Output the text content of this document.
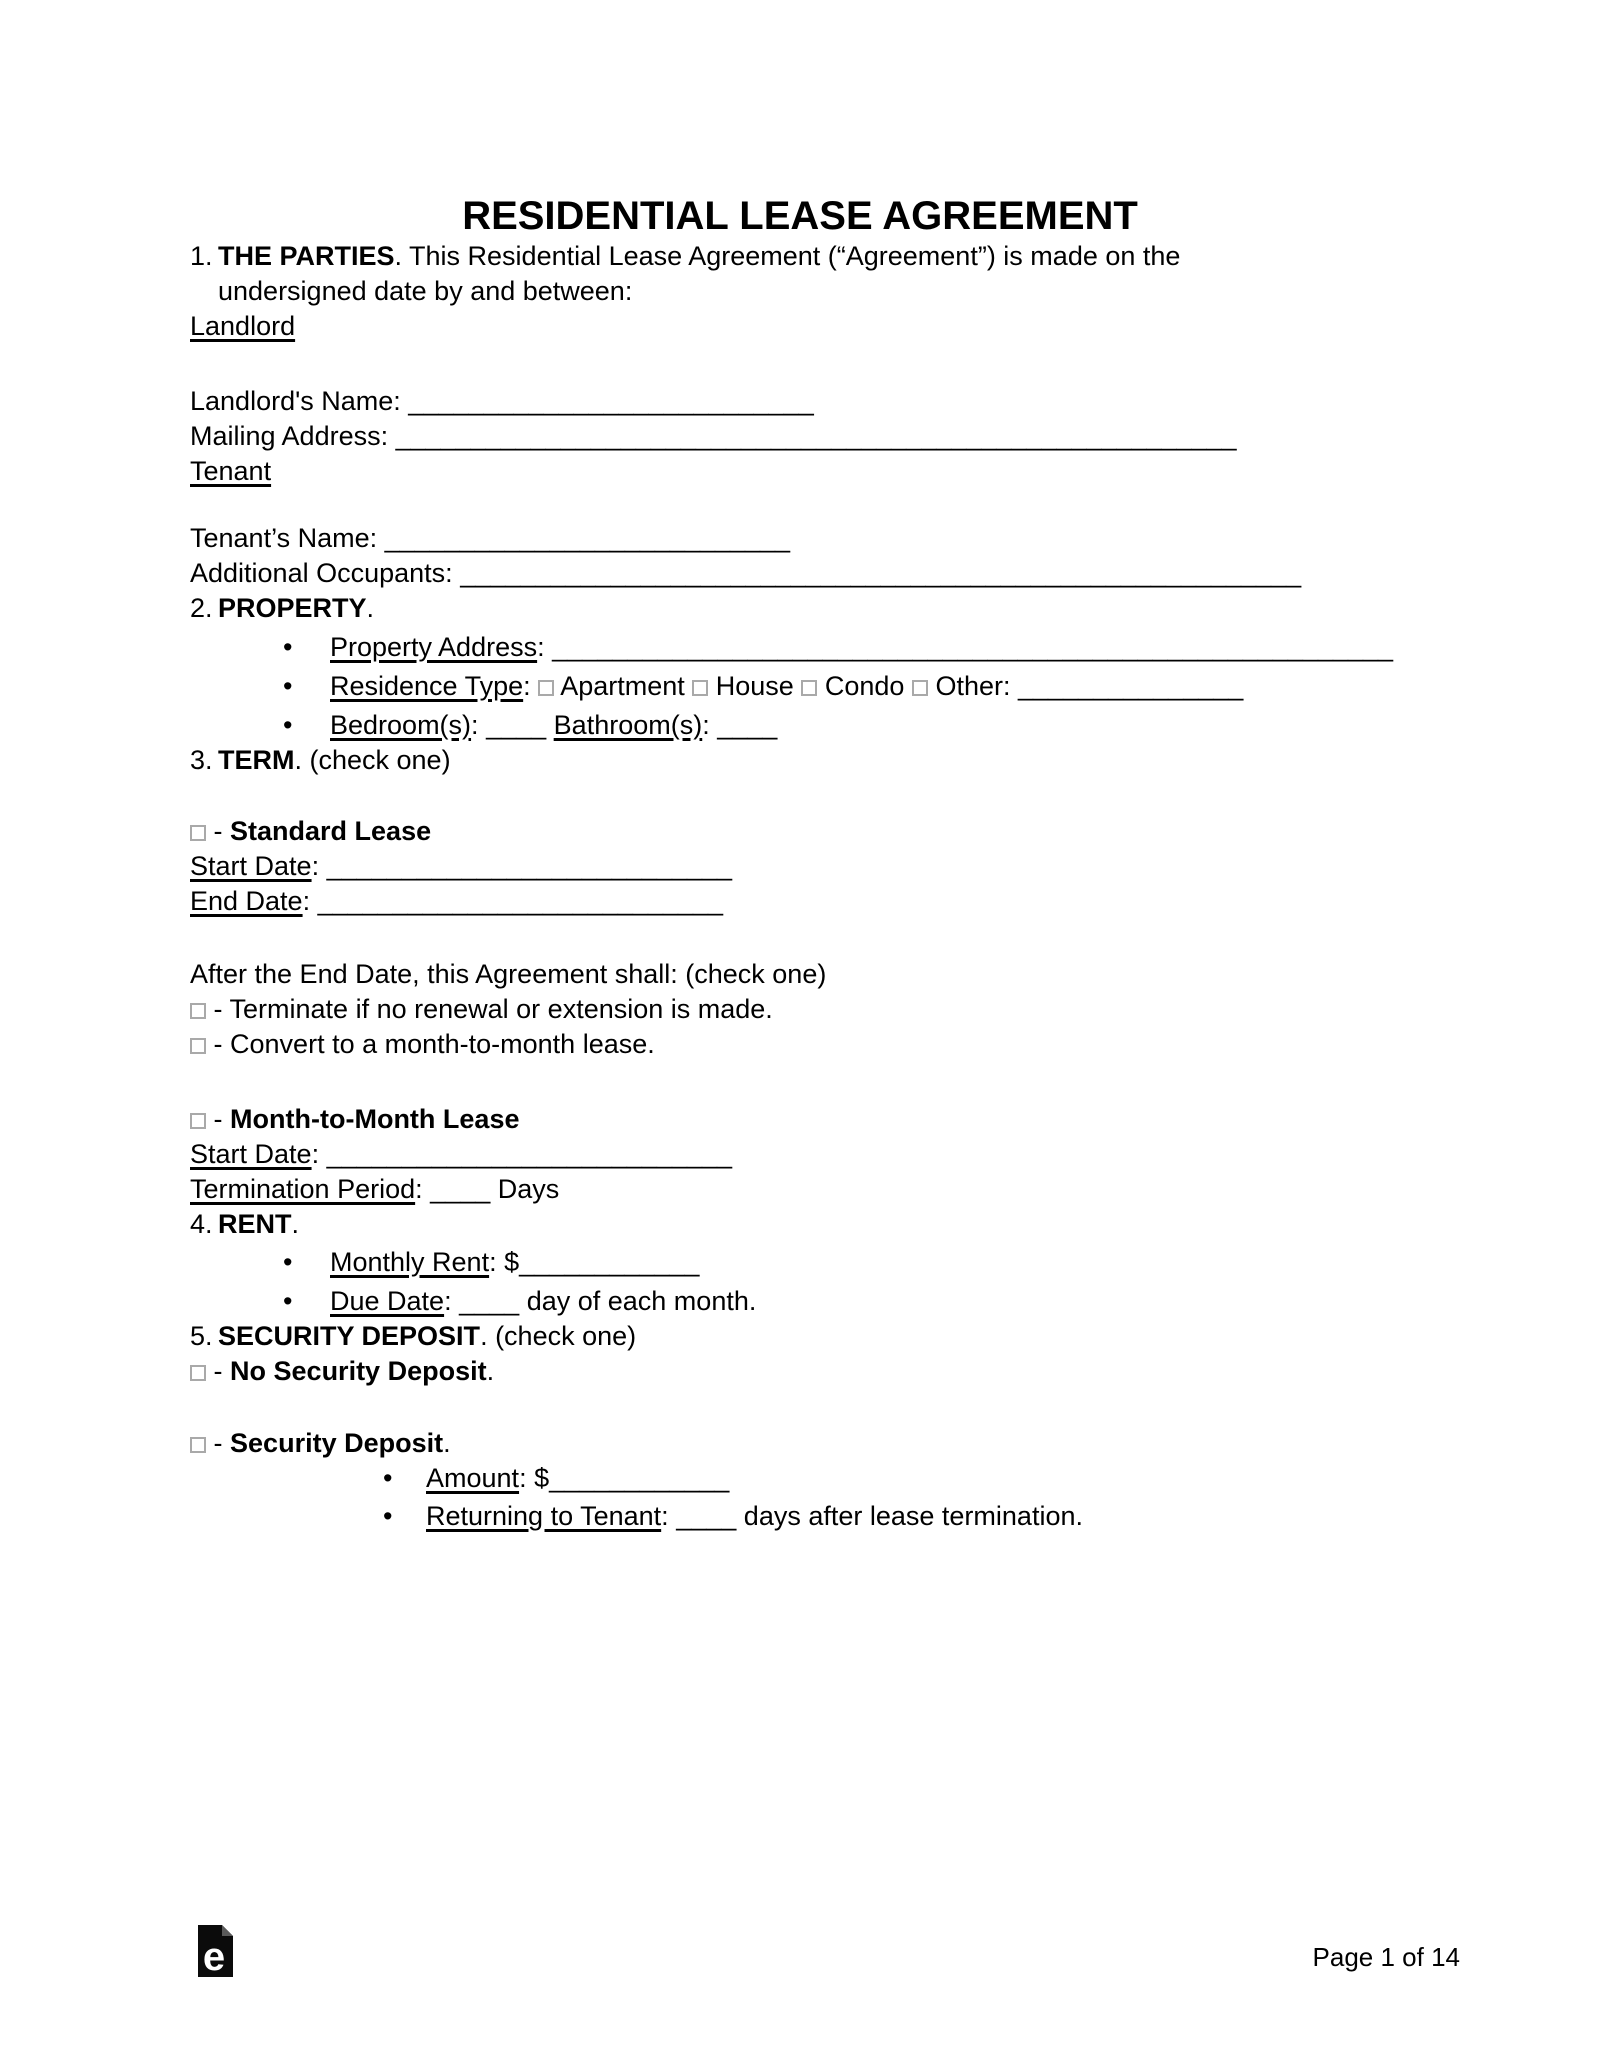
RESIDENTIAL LEASE AGREEMENT

1. THE PARTIES. This Residential Lease Agreement (“Agreement”) is made on the

undersigned date by and between:

Landlord

Landlord's Name: ___________________________

Mailing Address: ________________________________________________________

Tenant

Tenant’s Name: ___________________________

Additional Occupants: ________________________________________________________

2. PROPERTY.

• Property Address: ________________________________________________________

• Residence Type: Apartment House Condo Other: _______________

• Bedroom(s): ____ Bathroom(s): ____

3. TERM. (check one)

- Standard Lease

Start Date: ___________________________

End Date: ___________________________

After the End Date, this Agreement shall: (check one)

- Terminate if no renewal or extension is made.

- Convert to a month-to-month lease.

- Month-to-Month Lease

Start Date: ___________________________

Termination Period: ____ Days

4. RENT.

• Monthly Rent: $____________

• Due Date: ____ day of each month.

5. SECURITY DEPOSIT. (check one)

- No Security Deposit.

- Security Deposit.

• Amount: $____________

• Returning to Tenant: ____ days after lease termination.

e	Page 1 of 14
